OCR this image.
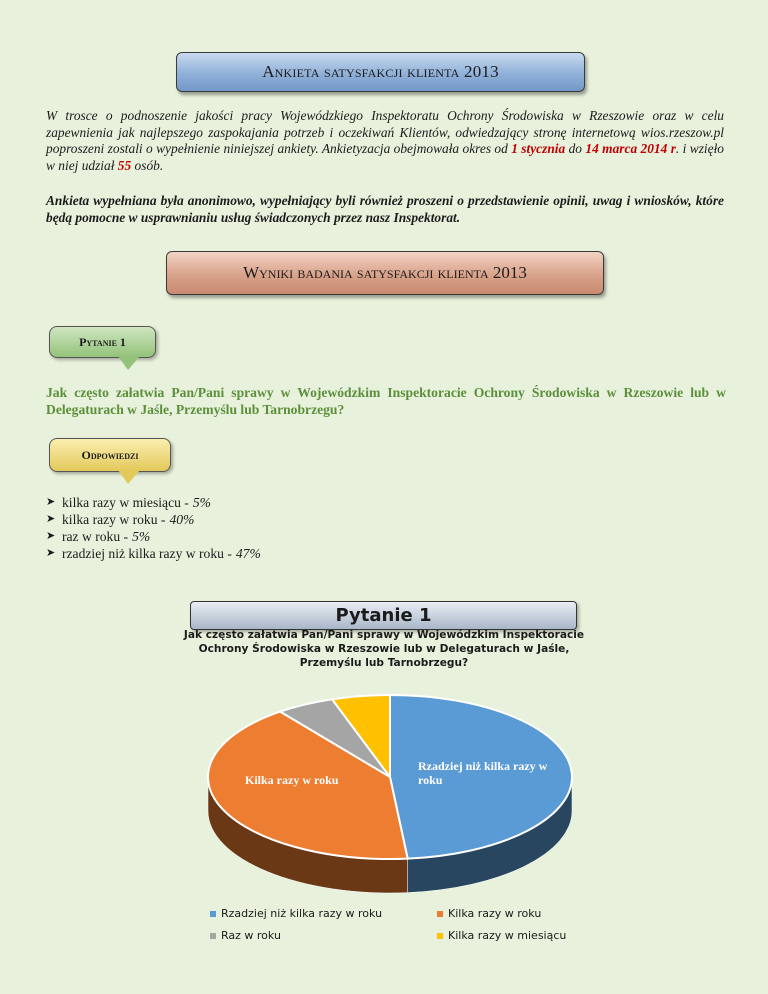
Ankieta satysfakcji klienta 2013

W trosce o podnoszenie jakości pracy Wojewódzkiego Inspektoratu Ochrony Środowiska w Rzeszowie oraz w celu zapewnienia jak najlepszego zaspokajania potrzeb i oczekiwań Klientów, odwiedzający stronę internetową wios.rzeszow.pl poproszeni zostali o wypełnienie niniejszej ankiety. Ankietyzacja obejmowała okres od 1 stycznia do 14 marca 2014 r. i wzięło w niej udział 55 osób.

Ankieta wypełniana była anonimowo, wypełniający byli również proszeni o przedstawienie opinii, uwag i wniosków, które będą pomocne w usprawnianiu usług świadczonych przez nasz Inspektorat.

Wyniki badania satysfakcji klienta 2013
Pytanie 1

Jak często załatwia Pan/Pani sprawy w Wojewódzkim Inspektoracie Ochrony Środowiska w Rzeszowie lub w Delegaturach w Jaśle, Przemyślu lub Tarnobrzegu?

Odpowiedzi
➤ kilka razy w miesiącu - 5%
➤ kilka razy w roku - 40%
➤ raz w roku - 5%
➤ rzadziej niż kilka razy w roku - 47%
Pytanie 1

Jak często załatwia Pan/Pani sprawy w Wojewódzkim Inspektoracie Ochrony Środowiska w Rzeszowie lub w Delegaturach w Jaśle, Przemyślu lub Tarnobrzegu?

Rzadziej niż kilka razy w roku
Kilka razy w roku
Rzadziej niż kilka razy w roku	Kilka razy w roku
Raz w roku	Kilka razy w miesiącu
